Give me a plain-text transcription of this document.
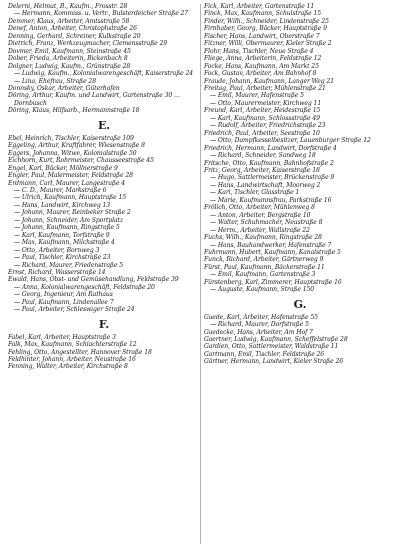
Delerni, Helmut, B., Kaufm., Frosstr. 28

— Hermann, Kommiss. u. Vertr., Bulsterdeicher Straße 27

Demmer, Klaus, Arbeiter, Amtsstraße 58

Denef, Anton, Arbeiter, Christophstraße 26

Denning, Gerhard, Schreiner, Kulkstraße 20

Dietrich, Franz, Werkzeugmacher, Clemensstraße 29

Dovmer, Emil, Kaufmann, Steinstraße 45

Dober, Frieda, Arbeiterin, Bickenbach 8

Dolgner, Ludwig, Kaufm., Grünstraße 28

— Ludwig, Kaufm., Kolonialwarengeschäft, Kaiserstraße 24

— Lina, Ehefrau, Straße 28

Donnsky, Oskar, Arbeiter, Güterhafen

Döring, Arthur, Kaufm. und Landwirt, Gartenstraße 30 … Dornbusch

Döring, Klaus, Hilfsarb., Hermannstraße 18

E.

Ebel, Heinrich, Tischler, Kaiserstraße 109

Eggeling, Arthur, Kraftfahrer, Wiesenstraße 8

Eggers, Johanna, Witwe, Kolonialstraße 50

Eichhorn, Kurt, Rohrmeister, Chausseestraße 45

Engel, Karl, Bäcker, Möllnerstraße 9

Engler, Paul, Malermeister, Feldstraße 28

Erdmann, Carl, Maurer, Langestraße 4

— C. D., Maurer, Markstraße 6

— Ulrich, Kaufmann, Hauptstraße 15

— Hans, Landwirt, Kirchweg 13

— Johann, Maurer, Reinbeker Straße 2

— Johann, Schneider, Am Sportplatz

— Johann, Kaufmann, Ringstraße 5

— Karl, Kaufmann, Torfstraße 9

— Max, Kaufmann, Milchstraße 4

— Otto, Arbeiter, Bornweg 3

— Paul, Tischler, Kirchstraße 23

— Richard, Maurer, Friedenstraße 5

Ernst, Richard, Wasserstraße 14

Ewald, Hans, Obst- und Gemüsehandlung, Feldstraße 39

— Anna, Kolonialwarengeschäft, Feldstraße 20

— Georg, Ingenieur, Am Rathaus

— Paul, Kaufmann, Lindenallee 7

— Paul, Arbeiter, Schleswiger Straße 24

F.

Fabel, Karl, Arbeiter, Hauptstraße 3

Falk, Max, Kaufmann, Schlachterstraße 12

Fehling, Otto, Angestellter, Hannover Straße 18

Feldhinter, Johann, Arbeiter, Neustraße 16

Fenning, Walter, Arbeiter, Kirchstraße 8

Fick, Karl, Arbeiter, Gartenstraße 11

Finck, Max, Kaufmann, Schulstraße 15

Finder, Wilh., Schneider, Lindenstraße 25

Firnhaber, Georg, Bäcker, Hauptstraße 9

Fischer, Hans, Landwirt, Oberstraße 7

Fitzner, Willi, Obermaurer, Kieler Straße 2

Flohr, Hans, Tischler, Neue Straße 4

Fliege, Anna, Arbeiterin, Feldstraße 12

Focke, Hans, Kaufmann, Am Markt 25

Fock, Gustav, Arbeiter, Am Bahnhof 8

Fraude, Johann, Kaufmann, Langer Weg 21

Freitag, Paul, Arbeiter, Mühlenstraße 21

— Emil, Maurer, Hafenstraße 5

— Otto, Maurermeister, Kirchweg 11

Freund, Karl, Arbeiter, Heidestraße 15

— Karl, Kaufmann, Schlossstraße 49

— Rudolf, Arbeiter, Friedrichstraße 23

Friedrich, Paul, Arbeiter, Seestraße 10

— Otto, Dampfkesselbesitzer, Lauenburger Straße 12

Friedrich, Hermann, Landwirt, Dorfstraße 4

— Richard, Schneider, Sandweg 18

Fritsche, Otto, Kaufmann, Bahnhofstraße 2

Fritz, Georg, Arbeiter, Kaiserstraße 18

— Hugo, Sattlermeister, Brückenstraße 9

— Hans, Landwirtschaft, Moorweg 2

— Karl, Tischler, Glasstraße 1

— Marie, Kaufmannsfrau, Parkstraße 16

Frölich, Otto, Arbeiter, Mühlenweg 8

— Anton, Arbeiter, Bergstraße 10

— Walter, Schuhmacher, Neustraße 8

— Herm., Arbeiter, Wallstraße 22

Fuchs, Wilh., Kaufmann, Ringstraße 28

— Hans, Bauhandwerker, Hafenstraße 7

Fuhrmann, Hubert, Kaufmann, Kanalstraße 5

Funck, Richard, Arbeiter, Gärtnerweg 9

Fürst, Paul, Kaufmann, Bäckerstraße 11

— Emil, Kaufmann, Gartenstraße 3

Fürstenberg, Karl, Zimmerer, Hauptstraße 16

— Auguste, Kaufmann, Straße 150

G.

Gaede, Karl, Arbeiter, Hafenstraße 55

— Richard, Maurer, Dorfstraße 5

Gaedecke, Hans, Arbeiter, Am Hof 7

Gaertner, Ludwig, Kaufmann, Scheffelstraße 28

Gardien, Otto, Sattlermeister, Waldstraße 11

Gartmann, Emil, Tischler, Feldstraße 26

Gärtner, Hermann, Landwirt, Kieler Straße 26
